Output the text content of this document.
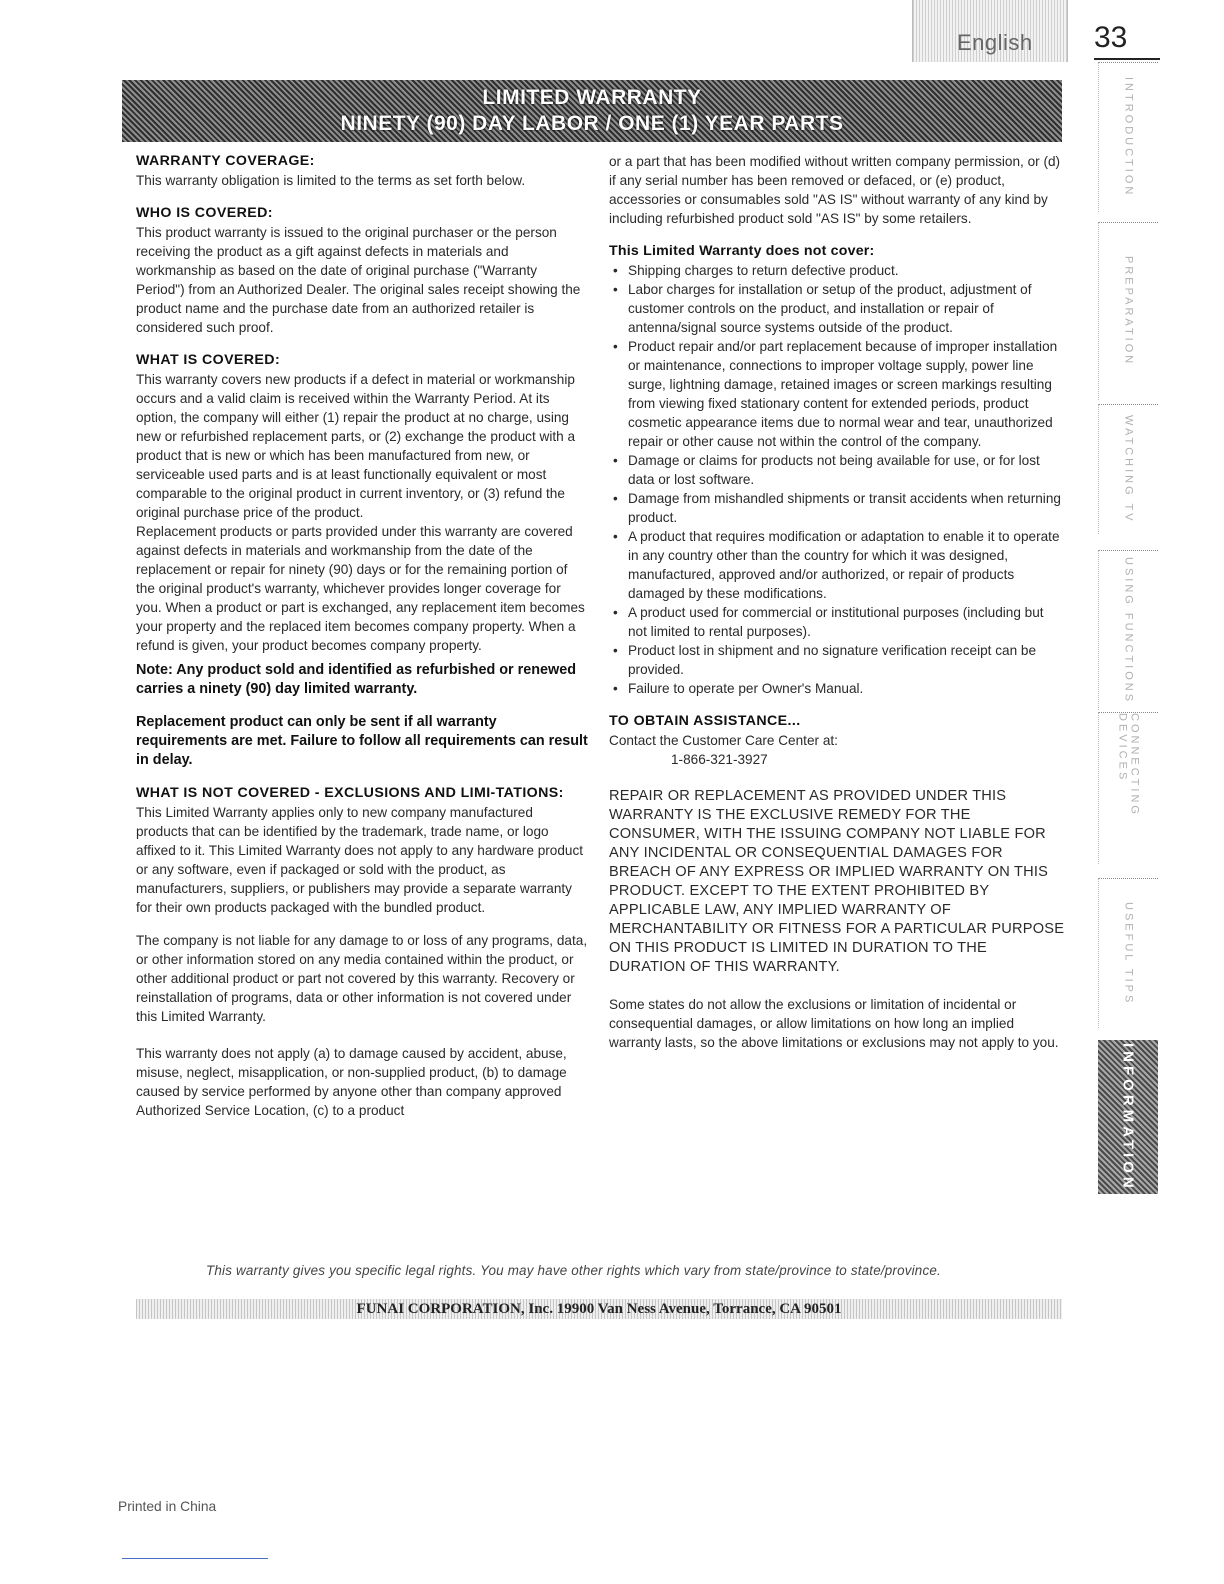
English 33
LIMITED WARRANTY
NINETY (90) DAY LABOR / ONE (1) YEAR PARTS
WARRANTY COVERAGE:

This warranty obligation is limited to the terms as set forth below.

WHO IS COVERED:

This product warranty is issued to the original purchaser or the person receiving the product as a gift against defects in materials and workmanship as based on the date of original purchase ("Warranty Period") from an Authorized Dealer. The original sales receipt showing the product name and the purchase date from an authorized retailer is considered such proof.

WHAT IS COVERED:

This warranty covers new products if a defect in material or workmanship occurs and a valid claim is received within the Warranty Period. At its option, the company will either (1) repair the product at no charge, using new or refurbished replacement parts, or (2) exchange the product with a product that is new or which has been manufactured from new, or serviceable used parts and is at least functionally equivalent or most comparable to the original product in current inventory, or (3) refund the original purchase price of the product.

Replacement products or parts provided under this warranty are covered against defects in materials and workmanship from the date of the replacement or repair for ninety (90) days or for the remaining portion of the original product's warranty, whichever provides longer coverage for you. When a product or part is exchanged, any replacement item becomes your property and the replaced item becomes company property. When a refund is given, your product becomes company property.

Note: Any product sold and identified as refurbished or renewed carries a ninety (90) day limited warranty.
Replacement product can only be sent if all warranty requirements are met. Failure to follow all requirements can result in delay.
WHAT IS NOT COVERED - EXCLUSIONS AND LIMI-TATIONS:

This Limited Warranty applies only to new company manufactured products that can be identified by the trademark, trade name, or logo affixed to it. This Limited Warranty does not apply to any hardware product or any software, even if packaged or sold with the product, as manufacturers, suppliers, or publishers may provide a separate warranty for their own products packaged with the bundled product.

The company is not liable for any damage to or loss of any programs, data, or other information stored on any media contained within the product, or other additional product or part not covered by this warranty. Recovery or reinstallation of programs, data or other information is not covered under this Limited Warranty.

This warranty does not apply (a) to damage caused by accident, abuse, misuse, neglect, misapplication, or non-supplied product, (b) to damage caused by service performed by anyone other than company approved Authorized Service Location, (c) to a product

or a part that has been modified without written company permission, or (d) if any serial number has been removed or defaced, or (e) product, accessories or consumables sold "AS IS" without warranty of any kind by including refurbished product sold "AS IS" by some retailers.

This Limited Warranty does not cover:
• Shipping charges to return defective product.
• Labor charges for installation or setup of the product, adjustment of customer controls on the product, and installation or repair of antenna/signal source systems outside of the product.
• Product repair and/or part replacement because of improper installation or maintenance, connections to improper voltage supply, power line surge, lightning damage, retained images or screen markings resulting from viewing fixed stationary content for extended periods, product cosmetic appearance items due to normal wear and tear, unauthorized repair or other cause not within the control of the company.
• Damage or claims for products not being available for use, or for lost data or lost software.
• Damage from mishandled shipments or transit accidents when returning product.
• A product that requires modification or adaptation to enable it to operate in any country other than the country for which it was designed, manufactured, approved and/or authorized, or repair of products damaged by these modifications.
• A product used for commercial or institutional purposes (including but not limited to rental purposes).
• Product lost in shipment and no signature verification receipt can be provided.
• Failure to operate per Owner's Manual.
TO OBTAIN ASSISTANCE...

Contact the Customer Care Center at:

1-866-321-3927

REPAIR OR REPLACEMENT AS PROVIDED UNDER THIS WARRANTY IS THE EXCLUSIVE REMEDY FOR THE CONSUMER, WITH THE ISSUING COMPANY NOT LIABLE FOR ANY INCIDENTAL OR CONSEQUENTIAL DAMAGES FOR BREACH OF ANY EXPRESS OR IMPLIED WARRANTY ON THIS PRODUCT. EXCEPT TO THE EXTENT PROHIBITED BY APPLICABLE LAW, ANY IMPLIED WARRANTY OF MERCHANTABILITY OR FITNESS FOR A PARTICULAR PURPOSE ON THIS PRODUCT IS LIMITED IN DURATION TO THE DURATION OF THIS WARRANTY.

Some states do not allow the exclusions or limitation of incidental or consequential damages, or allow limitations on how long an implied warranty lasts, so the above limitations or exclusions may not apply to you.

This warranty gives you specific legal rights. You may have other rights which vary from state/province to state/province.
FUNAI CORPORATION, Inc. 19900 Van Ness Avenue, Torrance, CA 90501
Printed in China
INTRODUCTION
PREPARATION
WATCHING TV
USING FUNCTIONS
CONNECTING DEVICES
USEFUL TIPS
INFORMATION
